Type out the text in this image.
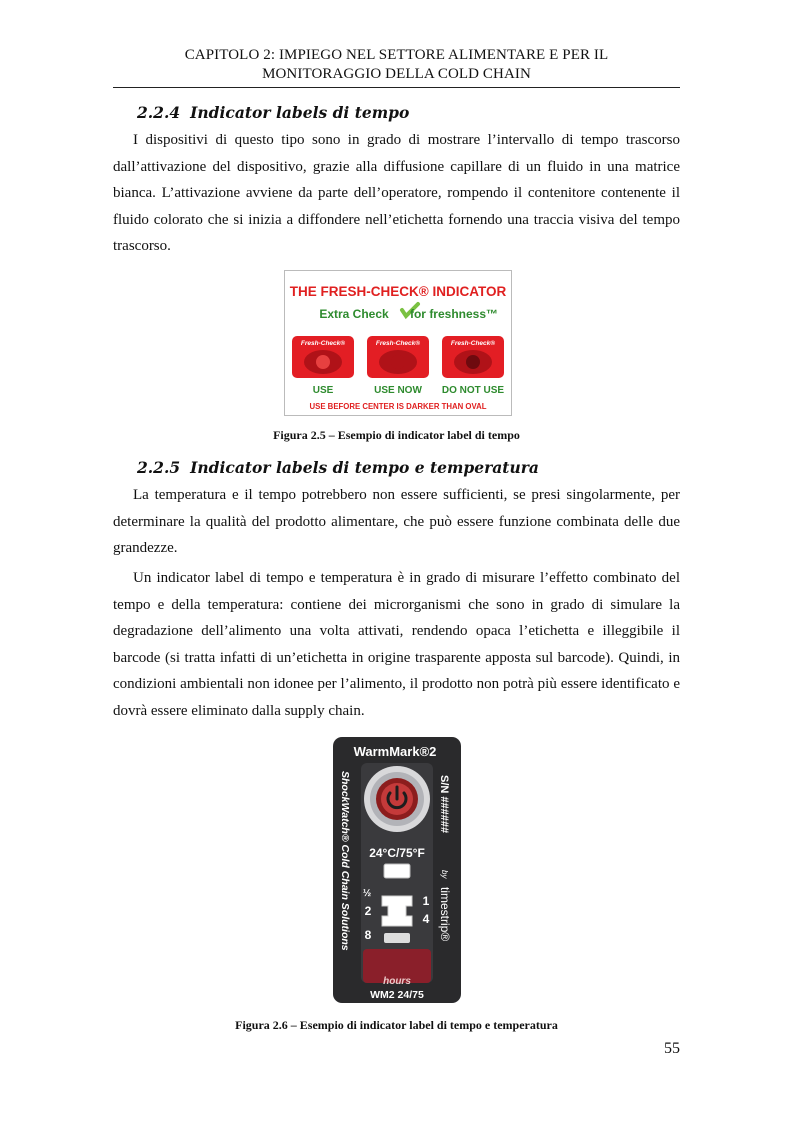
CAPITOLO 2: IMPIEGO NEL SETTORE ALIMENTARE E PER IL
MONITORAGGIO DELLA COLD CHAIN
2.2.4 Indicator labels di tempo

I dispositivi di questo tipo sono in grado di mostrare l’intervallo di tempo trascorso dall’attivazione del dispositivo, grazie alla diffusione capillare di un fluido in una matrice bianca. L’attivazione avviene da parte dell’operatore, rompendo il contenitore contenente il fluido colorato che si inizia a diffondere nell’etichetta fornendo una traccia visiva del tempo trascorso.

THE FRESH-CHECK® INDICATOR
Extra Check for freshness™
Fresh-Check®
USE
Fresh-Check®
USE NOW
Fresh-Check®
DO NOT USE
USE BEFORE CENTER IS DARKER THAN OVAL
Figura 2.5 – Esempio di indicator label di tempo
2.2.5 Indicator labels di tempo e temperatura

La temperatura e il tempo potrebbero non essere sufficienti, se presi singolarmente, per determinare la qualità del prodotto alimentare, che può essere funzione combinata delle due grandezze.

Un indicator label di tempo e temperatura è in grado di misurare l’effetto combinato del tempo e della temperatura: contiene dei microrganismi che sono in grado di simulare la degradazione dell’alimento una volta attivati, rendendo opaca l’etichetta e illeggibile il barcode (si tratta infatti di un’etichetta in origine trasparente apposta sul barcode). Quindi, in condizioni ambientali non idonee per l’alimento, il prodotto non potrà più essere identificato e dovrà essere eliminato dalla supply chain.

WarmMark®2
24°C/75°F
½
2
8
1
4
hours
WM2 24/75
ShockWatch® Cold Chain Solutions	S/N ######
by
timestrip®
Figura 2.6 – Esempio di indicator label di tempo e temperatura
55
